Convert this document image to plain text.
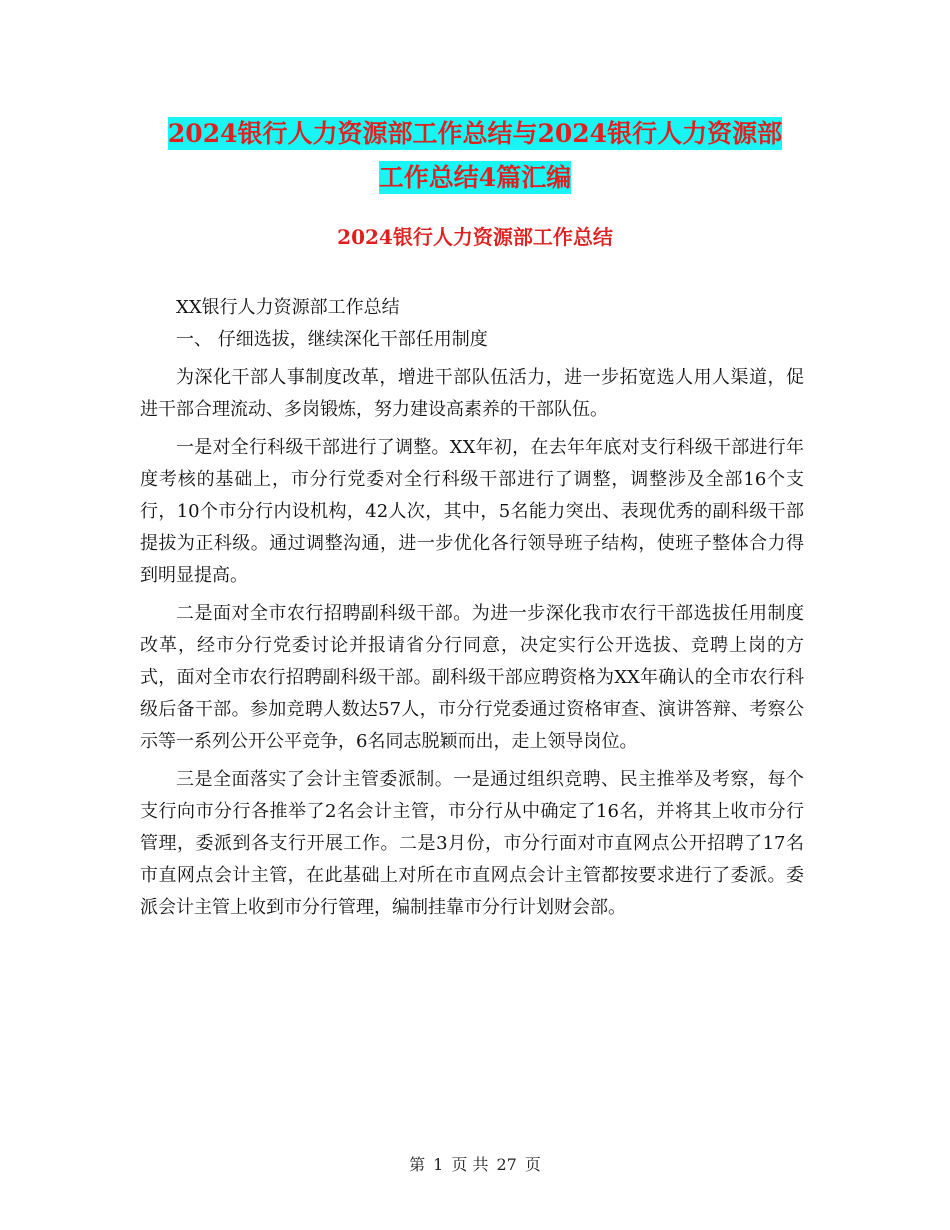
2024银行人力资源部工作总结与2024银行人力资源部
工作总结4篇汇编
2024银行人力资源部工作总结

XX银行人力资源部工作总结

一、 仔细选拔，继续深化干部任用制度

为深化干部人事制度改革，增进干部队伍活力，进一步拓宽选人用人渠道，促进干部合理流动、多岗锻炼，努力建设高素养的干部队伍。

一是对全行科级干部进行了调整。XX年初，在去年年底对支行科级干部进行年度考核的基础上，市分行党委对全行科级干部进行了调整，调整涉及全部16个支行，10个市分行内设机构，42人次，其中，5名能力突出、表现优秀的副科级干部提拔为正科级。通过调整沟通，进一步优化各行领导班子结构，使班子整体合力得到明显提高。

二是面对全市农行招聘副科级干部。为进一步深化我市农行干部选拔任用制度改革，经市分行党委讨论并报请省分行同意，决定实行公开选拔、竞聘上岗的方式，面对全市农行招聘副科级干部。副科级干部应聘资格为XX年确认的全市农行科级后备干部。参加竞聘人数达57人，市分行党委通过资格审查、演讲答辩、考察公示等一系列公开公平竞争，6名同志脱颖而出，走上领导岗位。

三是全面落实了会计主管委派制。一是通过组织竞聘、民主推举及考察，每个支行向市分行各推举了2名会计主管，市分行从中确定了16名，并将其上收市分行管理，委派到各支行开展工作。二是3月份，市分行面对市直网点公开招聘了17名市直网点会计主管，在此基础上对所在市直网点会计主管都按要求进行了委派。委派会计主管上收到市分行管理，编制挂靠市分行计划财会部。

第 1 页 共 27 页
